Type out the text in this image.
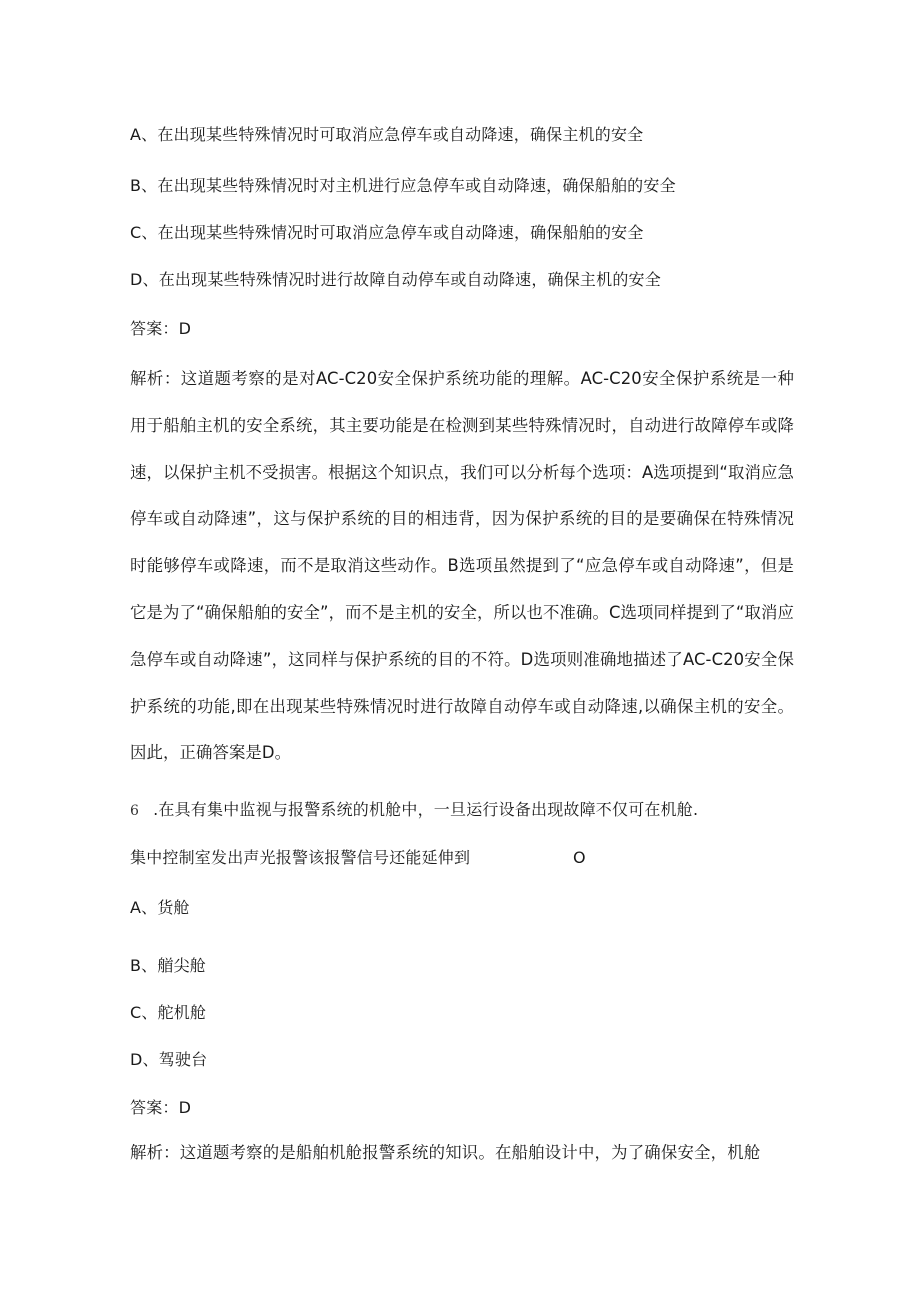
A、在出现某些特殊情况时可取消应急停车或自动降速，确保主机的安全
B、在出现某些特殊情况时对主机进行应急停车或自动降速，确保船舶的安全
C、在出现某些特殊情况时可取消应急停车或自动降速，确保船舶的安全
D、在出现某些特殊情况时进行故障自动停车或自动降速，确保主机的安全
答案：D
解析：这道题考察的是对AC-C20安全保护系统功能的理解。AC-C20安全保护系统是一种用于船舶主机的安全系统，其主要功能是在检测到某些特殊情况时，自动进行故障停车或降速，以保护主机不受损害。根据这个知识点，我们可以分析每个选项：A选项提到“取消应急停车或自动降速”，这与保护系统的目的相违背，因为保护系统的目的是要确保在特殊情况时能够停车或降速，而不是取消这些动作。B选项虽然提到了“应急停车或自动降速”，但是它是为了“确保船舶的安全”，而不是主机的安全，所以也不准确。C选项同样提到了“取消应急停车或自动降速”，这同样与保护系统的目的不符。D选项则准确地描述了AC-C20安全保护系统的功能,即在出现某些特殊情况时进行故障自动停车或自动降速,以确保主机的安全。因此，正确答案是D。
6 .在具有集中监视与报警系统的机舱中，一旦运行设备出现故障不仅可在机舱.
集中控制室发出声光报警该报警信号还能延伸到	O
A、货舱
B、艏尖舱
C、舵机舱
D、驾驶台
答案：D
解析：这道题考察的是船舶机舱报警系统的知识。在船舶设计中，为了确保安全，机舱
